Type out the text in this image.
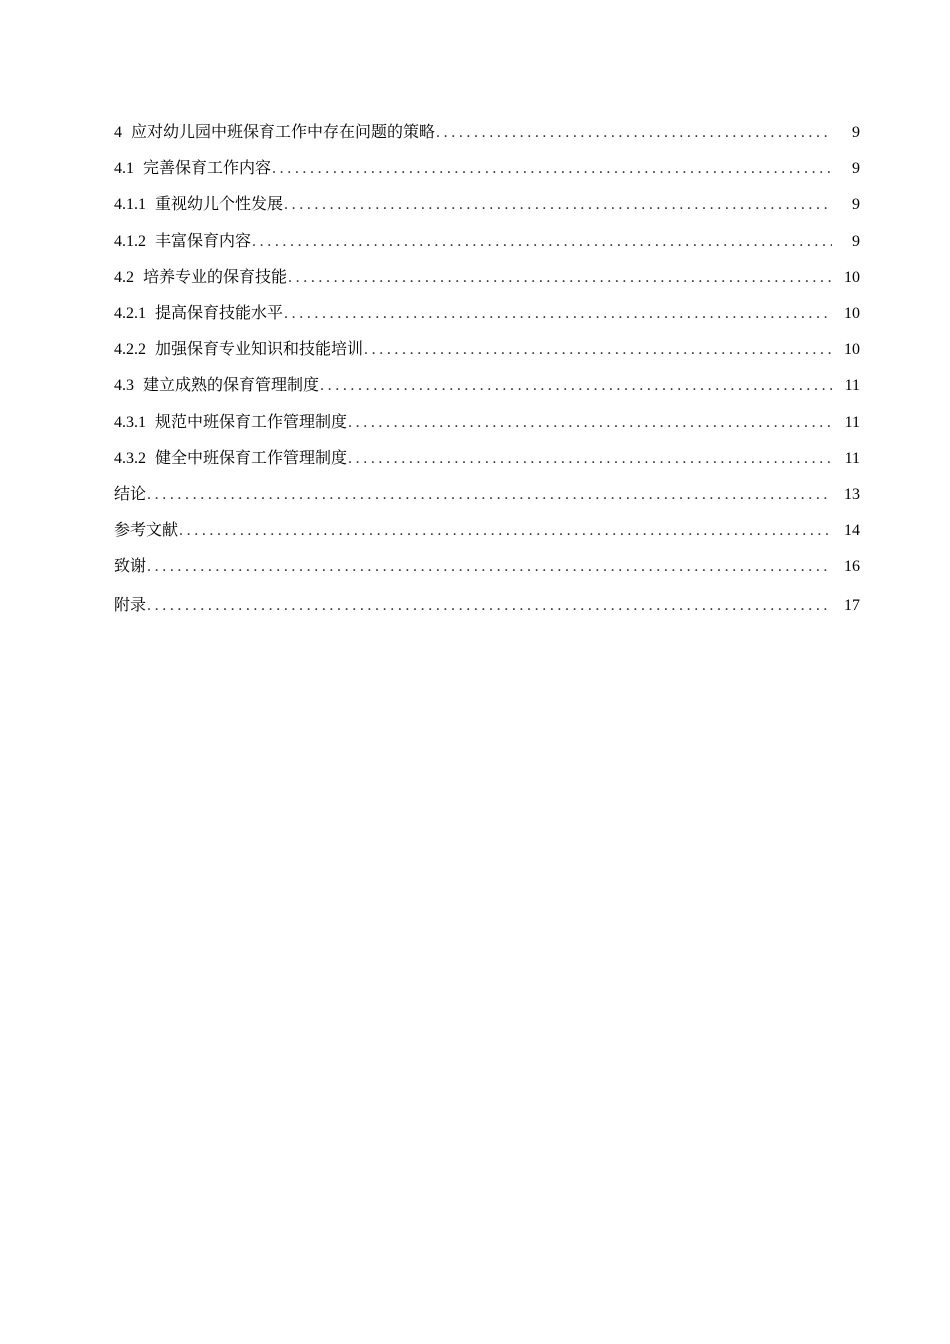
4 应对幼儿园中班保育工作中存在问题的策略 .....	9
4.1 完善保育工作内容 .....	9
4.1.1 重视幼儿个性发展 .....	9
4.1.2 丰富保育内容 .....	9
4.2 培养专业的保育技能 .....	10
4.2.1 提高保育技能水平 .....	10
4.2.2 加强保育专业知识和技能培训 .....	10
4.3 建立成熟的保育管理制度 .....	11
4.3.1 规范中班保育工作管理制度 .....	11
4.3.2 健全中班保育工作管理制度 .....	11
结论 .....	13
参考文献 .....	14
致谢 .....	16
附录 .....	17
